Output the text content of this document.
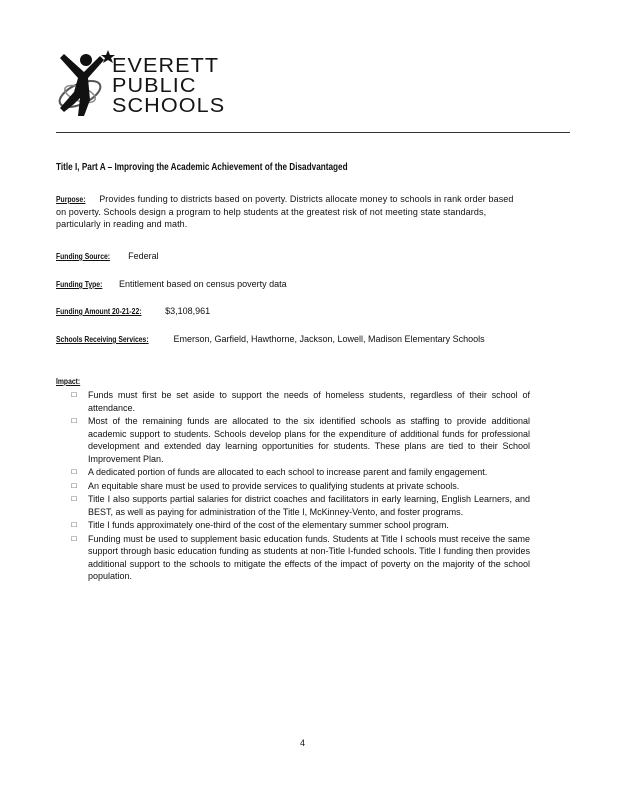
EVERETT
PUBLIC
SCHOOLS
Title I, Part A – Improving the Academic Achievement of the Disadvantaged
Purpose: Provides funding to districts based on poverty. Districts allocate money to schools in rank order based on poverty. Schools design a program to help students at the greatest risk of not meeting state standards, particularly in reading and math.
Funding Source: Federal
Funding Type: Entitlement based on census poverty data
Funding Amount 20-21-22:	$3,108,961
Schools Receiving Services:	Emerson, Garfield, Hawthorne, Jackson, Lowell, Madison Elementary Schools
Impact:
□	Funds must first be set aside to support the needs of homeless students, regardless of their school of attendance.
□	Most of the remaining funds are allocated to the six identified schools as staffing to provide additional academic support to students. Schools develop plans for the expenditure of additional funds for professional development and extended day learning opportunities for students. These plans are tied to their School Improvement Plan.
□	A dedicated portion of funds are allocated to each school to increase parent and family engagement.
□	An equitable share must be used to provide services to qualifying students at private schools.
□	Title I also supports partial salaries for district coaches and facilitators in early learning, English Learners, and BEST, as well as paying for administration of the Title I, McKinney-Vento, and foster programs.
□	Title I funds approximately one-third of the cost of the elementary summer school program.
□	Funding must be used to supplement basic education funds. Students at Title I schools must receive the same support through basic education funding as students at non-Title I-funded schools. Title I funding then provides additional support to the schools to mitigate the effects of the impact of poverty on the majority of the school population.
4
